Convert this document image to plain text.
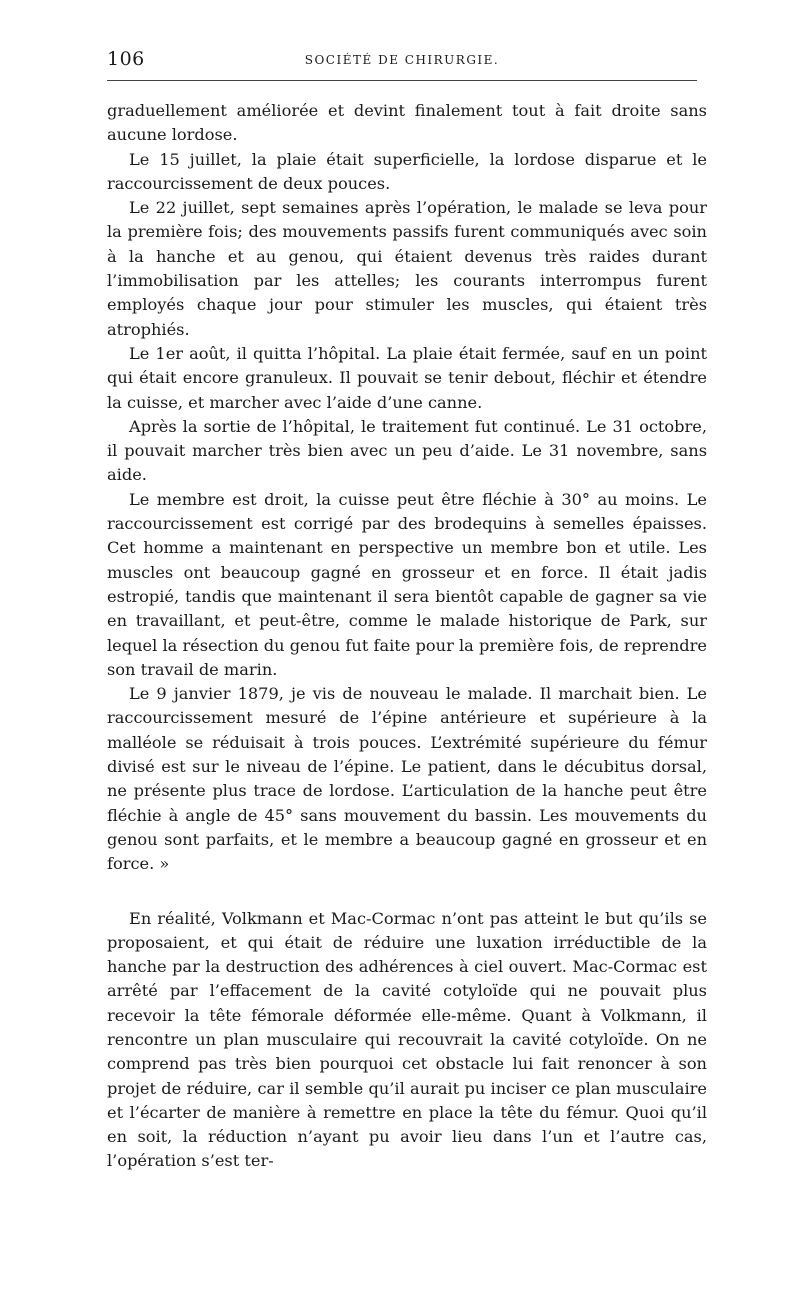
106	SOCIÉTÉ DE CHIRURGIE.

graduellement améliorée et devint finalement tout à fait droite sans aucune lordose.

Le 15 juillet, la plaie était superficielle, la lordose disparue et le raccourcissement de deux pouces.

Le 22 juillet, sept semaines après l’opération, le malade se leva pour la première fois; des mouvements passifs furent communiqués avec soin à la hanche et au genou, qui étaient devenus très raides durant l’immobilisation par les attelles; les courants interrompus furent employés chaque jour pour stimuler les muscles, qui étaient très atrophiés.

Le 1er août, il quitta l’hôpital. La plaie était fermée, sauf en un point qui était encore granuleux. Il pouvait se tenir debout, fléchir et étendre la cuisse, et marcher avec l’aide d’une canne.

Après la sortie de l’hôpital, le traitement fut continué. Le 31 octobre, il pouvait marcher très bien avec un peu d’aide. Le 31 novembre, sans aide.

Le membre est droit, la cuisse peut être fléchie à 30° au moins. Le raccourcissement est corrigé par des brodequins à semelles épaisses. Cet homme a maintenant en perspective un membre bon et utile. Les muscles ont beaucoup gagné en grosseur et en force. Il était jadis estropié, tandis que maintenant il sera bientôt capable de gagner sa vie en travaillant, et peut-être, comme le malade historique de Park, sur lequel la résection du genou fut faite pour la première fois, de reprendre son travail de marin.

Le 9 janvier 1879, je vis de nouveau le malade. Il marchait bien. Le raccourcissement mesuré de l’épine antérieure et supérieure à la malléole se réduisait à trois pouces. L’extrémité supérieure du fémur divisé est sur le niveau de l’épine. Le patient, dans le décubitus dorsal, ne présente plus trace de lordose. L’articulation de la hanche peut être fléchie à angle de 45° sans mouvement du bassin. Les mouvements du genou sont parfaits, et le membre a beaucoup gagné en grosseur et en force. »

En réalité, Volkmann et Mac-Cormac n’ont pas atteint le but qu’ils se proposaient, et qui était de réduire une luxation irréductible de la hanche par la destruction des adhérences à ciel ouvert. Mac-Cormac est arrêté par l’effacement de la cavité cotyloïde qui ne pouvait plus recevoir la tête fémorale déformée elle-même. Quant à Volkmann, il rencontre un plan musculaire qui recouvrait la cavité cotyloïde. On ne comprend pas très bien pourquoi cet obstacle lui fait renoncer à son projet de réduire, car il semble qu’il aurait pu inciser ce plan musculaire et l’écarter de manière à remettre en place la tête du fémur. Quoi qu’il en soit, la réduction n’ayant pu avoir lieu dans l’un et l’autre cas, l’opération s’est ter-
